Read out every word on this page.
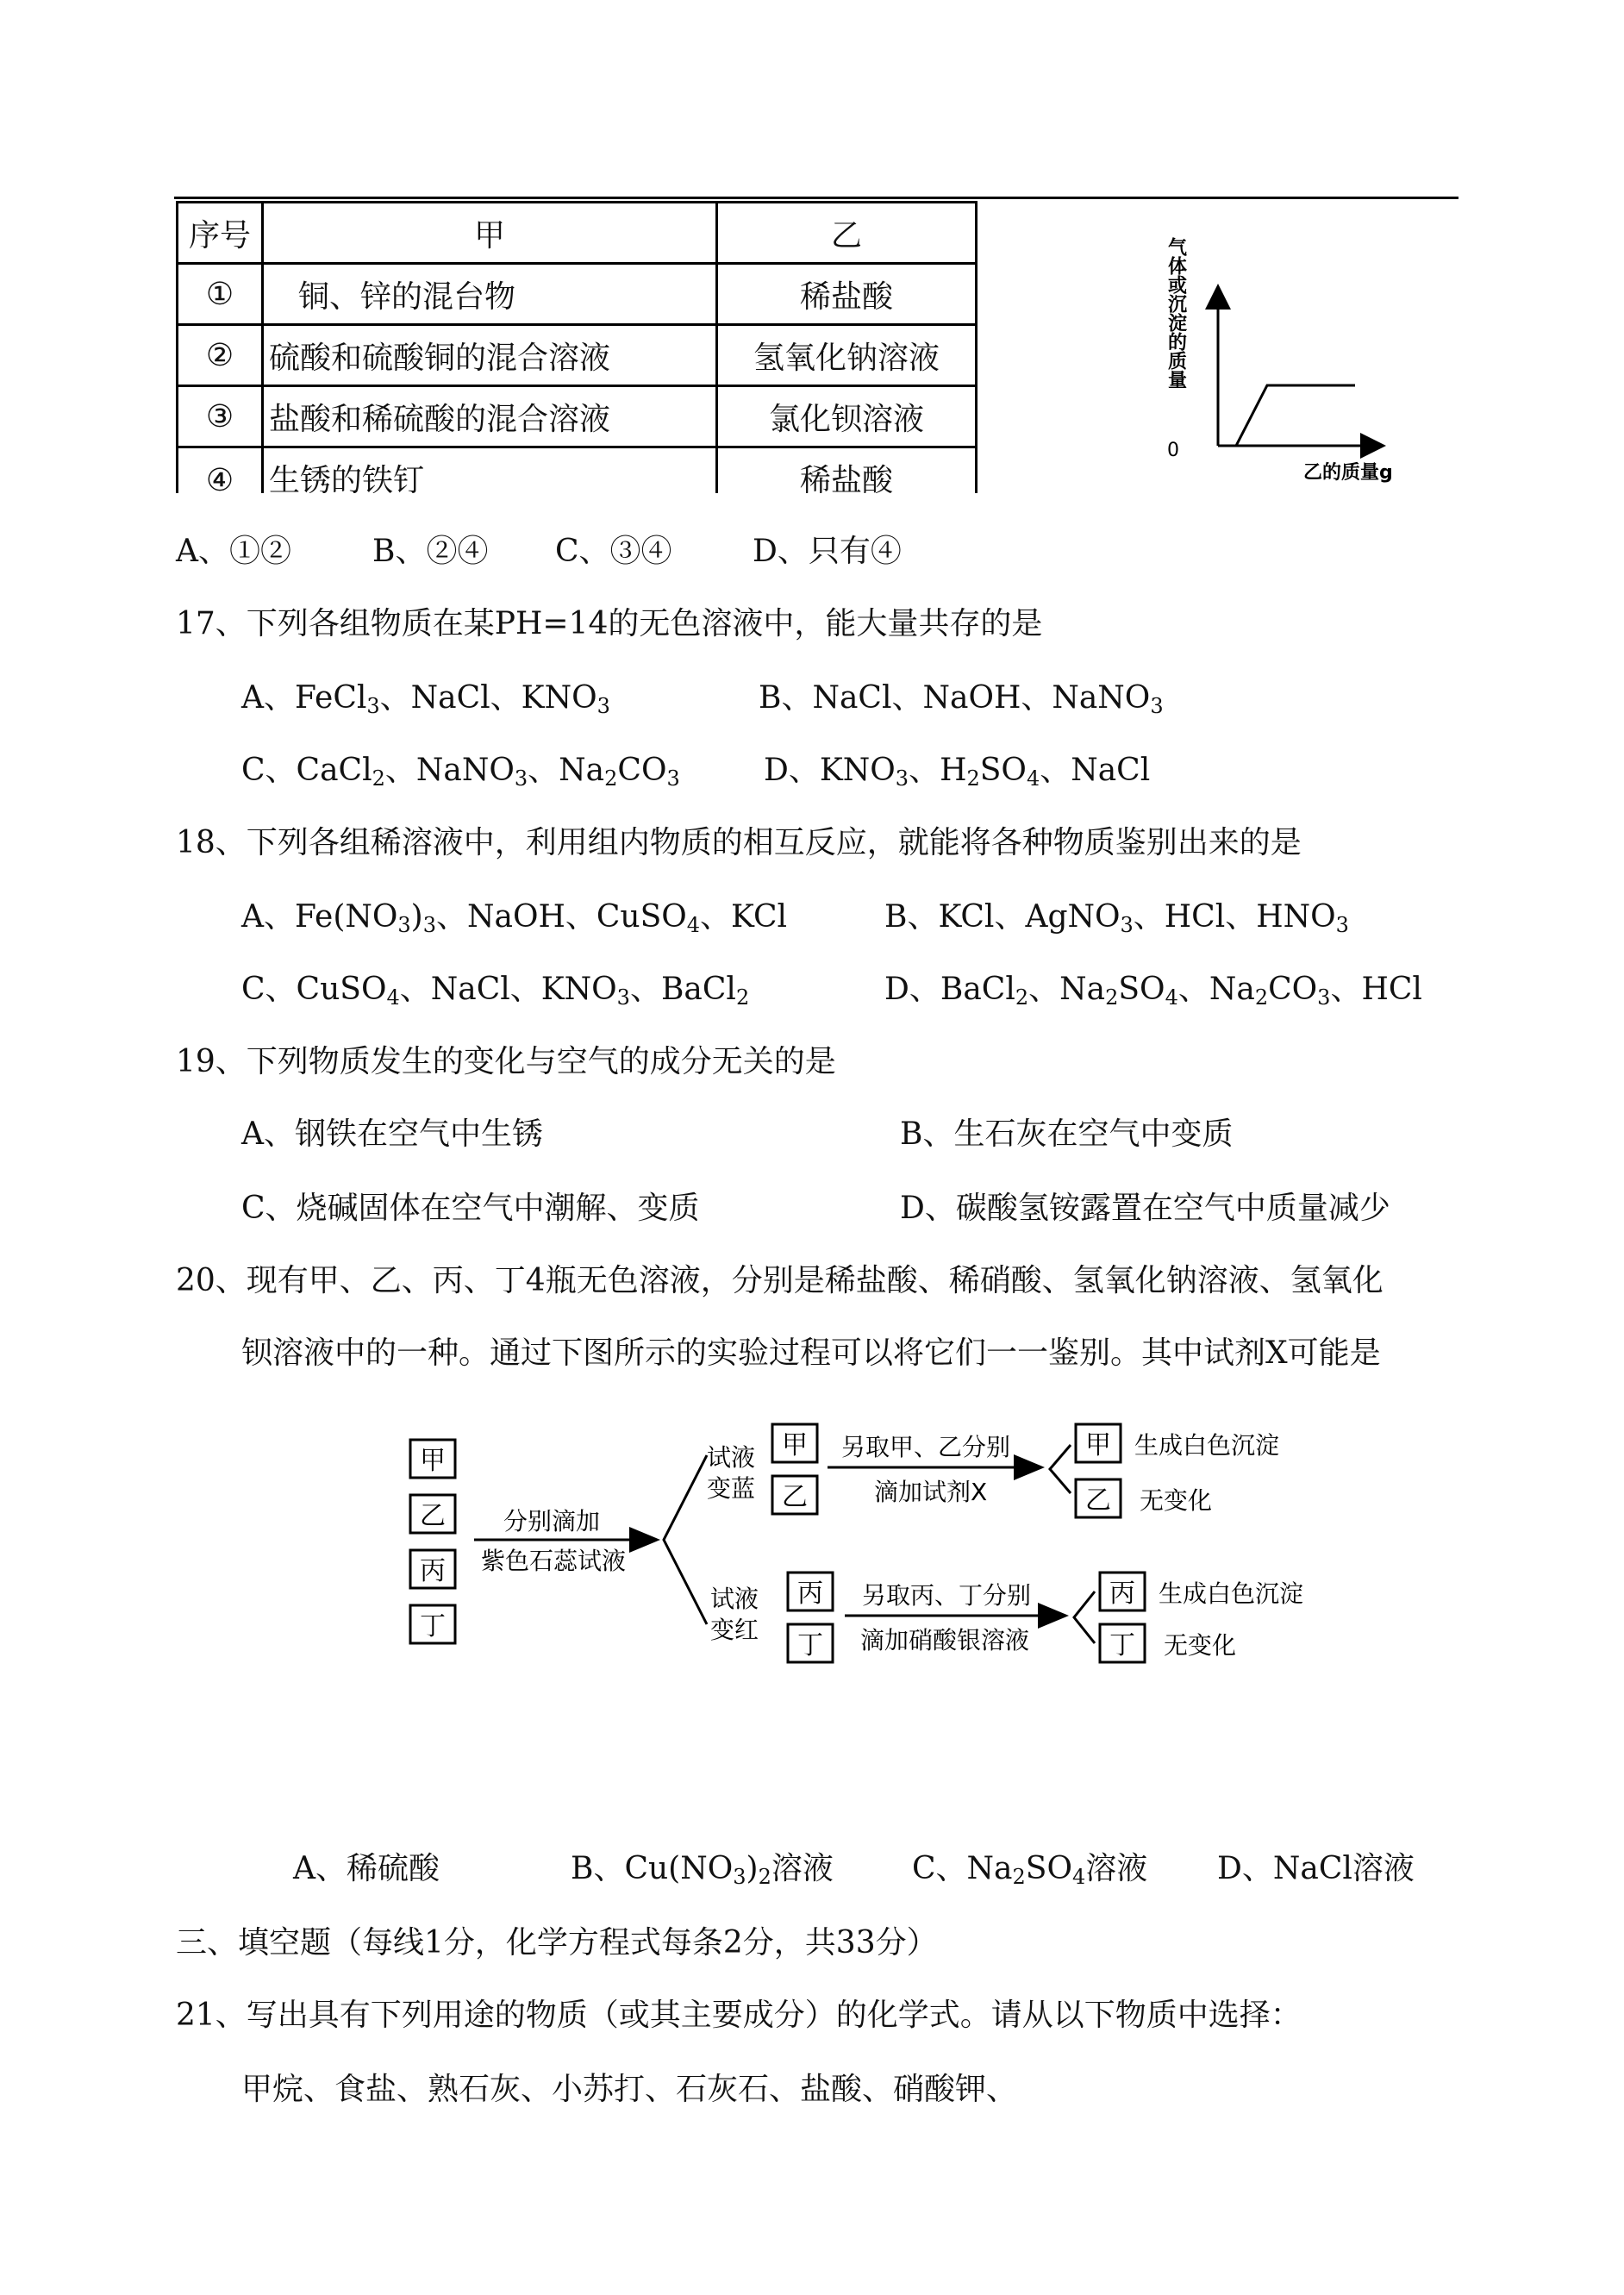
序号	甲	乙
①	铜、锌的混台物	稀盐酸
②	硫酸和硫酸铜的混合溶液	氢氧化钠溶液
③	盐酸和稀硫酸的混合溶液	氯化钡溶液

④	生锈的铁钉	稀盐酸
0
乙的质量g
气体或沉淀的质量
A、①②	B、②④ C、③④	D、只有④
17、下列各组物质在某PH=14的无色溶液中，能大量共存的是
A、FeCl$_3$、NaCl、$KNO_3$	B、NaCl、NaOH、NaNO$_3$
C、CaCl$_2$、NaNO$_3$、$Na_2CO_3$	D、$KNO_3$、$H_2SO_4$、NaCl
18、下列各组稀溶液中，利用组内物质的相互反应，就能将各种物质鉴别出来的是
A、$Fe(NO_3)_3$、NaOH、CuSO$_4$、KCl	B、KCl、AgNO$_3$、HCl、$HNO_3$
C、CuSO$_4$、NaCl、$KNO_3$、BaCl$_2$	D、BaCl$_2$、$Na_2SO_4$、$Na_2CO_3$、HCl
19、下列物质发生的变化与空气的成分无关的是
A、钢铁在空气中生锈	B、生石灰在空气中变质
C、烧碱固体在空气中潮解、变质	D、碳酸氢铵露置在空气中质量减少
20、现有甲、乙、丙、丁4瓶无色溶液，分别是稀盐酸、稀硝酸、氢氧化钠溶液、氢氧化
钡溶液中的一种。通过下图所示的实验过程可以将它们一一鉴别。其中试剂X可能是
甲
乙
丙
丁
分别滴加
紫色石蕊试液
试液
变蓝
甲
乙
另取甲、乙分别
滴加试剂X
甲 生成白色沉淀
乙 无变化
试液
变红
丙
丁
另取丙、丁分别
滴加硝酸银溶液
丙 生成白色沉淀
丁 无变化
A、稀硫酸	B、$Cu(NO_3)_2$溶液	C、$Na_2SO_4$溶液 D、NaCl溶液
三、填空题（每线1分，化学方程式每条2分，共33分）
21、写出具有下列用途的物质（或其主要成分）的化学式。请从以下物质中选择：
甲烷、食盐、熟石灰、小苏打、石灰石、盐酸、硝酸钾、
